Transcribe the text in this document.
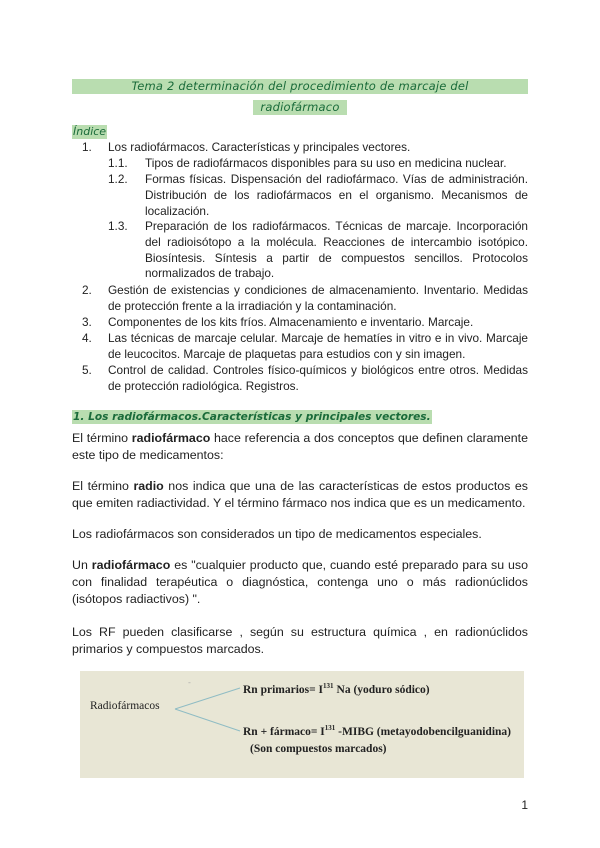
Tema 2 determinación del procedimiento de marcaje del
radiofármaco
Índice
1. Los radiofármacos. Características y principales vectores.
1.1. Tipos de radiofármacos disponibles para su uso en medicina nuclear.
1.2. Formas físicas. Dispensación del radiofármaco. Vías de administración. Distribución de los radiofármacos en el organismo. Mecanismos de localización.
1.3. Preparación de los radiofármacos. Técnicas de marcaje. Incorporación del radioisótopo a la molécula. Reacciones de intercambio isotópico. Biosíntesis. Síntesis a partir de compuestos sencillos. Protocolos normalizados de trabajo.
2. Gestión de existencias y condiciones de almacenamiento. Inventario. Medidas de protección frente a la irradiación y la contaminación.
3. Componentes de los kits fríos. Almacenamiento e inventario. Marcaje.
4. Las técnicas de marcaje celular. Marcaje de hematíes in vitro e in vivo. Marcaje de leucocitos. Marcaje de plaquetas para estudios con y sin imagen.
5. Control de calidad. Controles físico-químicos y biológicos entre otros. Medidas de protección radiológica. Registros.
1. Los radiofármacos.Características y principales vectores.
El término radiofármaco hace referencia a dos conceptos que definen claramente este tipo de medicamentos:
El término radio nos indica que una de las características de estos productos es que emiten radiactividad. Y el término fármaco nos indica que es un medicamento.
Los radiofármacos son considerados un tipo de medicamentos especiales.
Un radiofármaco es "cualquier producto que, cuando esté preparado para su uso con finalidad terapéutica o diagnóstica, contenga uno o más radionúclidos (isótopos radiactivos) ".
Los RF pueden clasificarse , según su estructura química , en radionúclidos primarios y compuestos marcados.
-
Radiofármacos
Rn primarios= $I^{131}$ Na (yoduro sódico)
Rn + fármaco= $I^{131}$ -MIBG (metayodobencilguanidina)
(Son compuestos marcados)
1
